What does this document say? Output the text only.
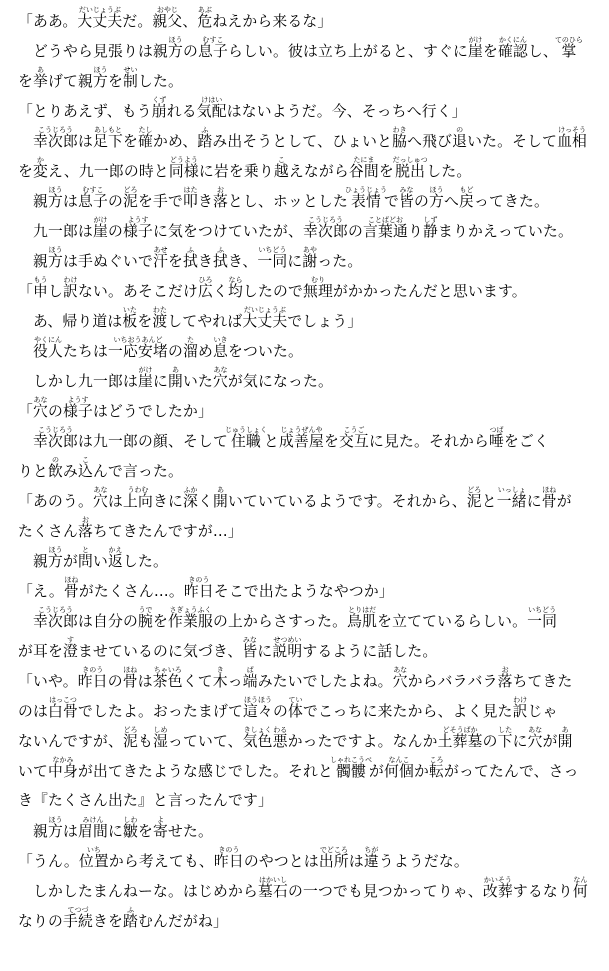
「ああ。大丈夫だいじょうぶだ。親父おやじ、危あぶねえから来るな」
　どうやら見張りは親方ほうの息子むすこらしい。彼は立ち上がると、すぐに崖がけを確認かくにんし、掌てのひら
を挙あげて親方ほうを制せいした。
「とりあえず、もう崩くずれる気配けはいはないようだ。今、そっちへ行く」
　幸次郎こうじろうは足下あしもとを確たしかめ、踏ふみ出そうとして、ひょいと脇わきへ飛び退のいた。そして血相けっそう
を変かえ、九一郎の時と同様どうように岩を乗り越こえながら谷間たにまを脱出だっしゅつした。
　親方ほうは息子むすこの泥どろを手で叩はたき落おとし、ホッとした表情ひょうじょうで皆みなの方ほうへ戻もどってきた。
　九一郎は崖がけの様子ようすに気をつけていたが、幸次郎こうじろうの言葉通ことばどおり静しずまりかえっていた。
　親方ほうは手ぬぐいで汗あせを拭ふき拭ふき、一同いちどうに謝あやった。
「申もうし訳わけない。あそこだけ広ひろく均ならしたので無理むりがかかったんだと思います。
　あ、帰り道は板いたを渡わたしてやれば大丈夫だいじょうぶでしょう」
　役人やくにんたちは一応安堵いちおうあんどの溜ため息いきをついた。
　しかし九一郎は崖がけに開あいた穴あなが気になった。
「穴あなの様子ようすはどうでしたか」
　幸次郎こうじろうは九一郎の顔、そして住職じゅうしょくと成善屋じょうぜんやを交互こうごに見た。それから唾つばをごく
りと飲のみ込こんで言った。
「あのう。穴あなは上向うわむきに深ふかく開あいていているようです。それから、泥どろと一緒いっしょに骨ほねが
たくさん落おちてきたんですが…」
　親方ほうが問とい返かえした。
「え。骨ほねがたくさん…。昨日きのうそこで出たようなやつか」
　幸次郎こうじろうは自分の腕うでを作業服さぎょうふくの上からさすった。鳥肌とりはだを立てているらしい。一同いちどう
が耳を澄すませているのに気づき、皆みなに説明せつめいするように話した。
「いや。昨日きのうの骨ほねは茶色ちゃいろくて木きっ端ぱみたいでしたよね。穴あなからバラバラ落おちてきた
のは白骨はっこつでしたよ。おったまげて這々ほうほうの体ていでこっちに来たから、よく見た訳わけじゃ
ないんですが、泥どろも湿しめっていて、気色きしょく悪わるかったですよ。なんか土葬墓どそうばかの下したに穴あなが開あ
いて中身なかみが出てきたような感じでした。それと髑髏しゃれこうべが何個なんこか転ころがってたんで、さっ
き『たくさん出た』と言ったんです」
　親方ほうは眉間みけんに皺しわを寄よせた。
「うん。位置いちから考えても、昨日きのうのやつとは出所でどころは違ちがうようだな。
　しかしたまんねーな。はじめから墓石はかいしの一つでも見つかってりゃ、改葬かいそうするなり何なん
なりの手続てつづきを踏ふむんだがね」
